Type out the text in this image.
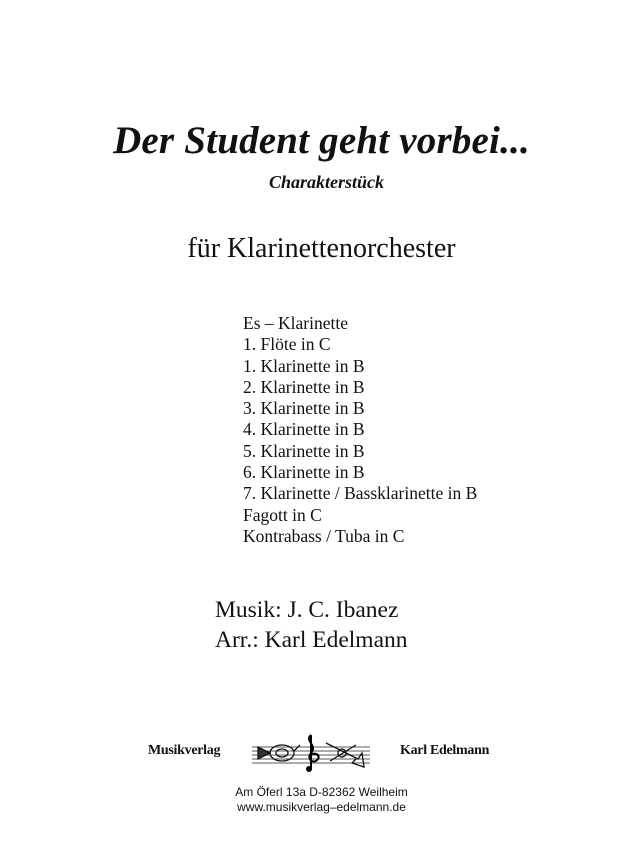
Der Student geht vorbei...
Charakterstück
für Klarinettenorchester
Es – Klarinette
1. Flöte in C
1. Klarinette in B
2. Klarinette in B
3. Klarinette in B
4. Klarinette in B
5. Klarinette in B
6. Klarinette in B
7. Klarinette / Bassklarinette in B
Fagott in C
Kontrabass / Tuba in C
Musik: J. C. Ibanez
Arr.: Karl Edelmann
Musikverlag	Karl Edelmann
Am Öferl 13a D-82362 Weilheim
www.musikverlag–edelmann.de
